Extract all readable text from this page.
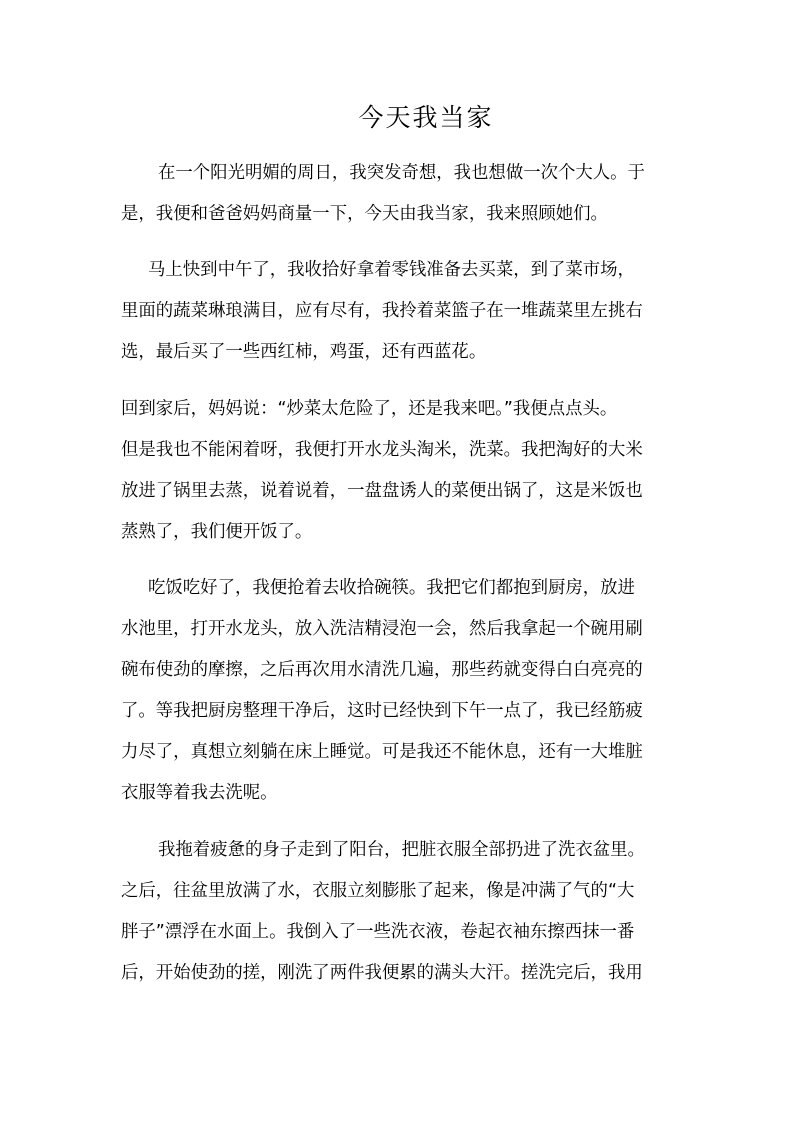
今天我当家
在一个阳光明媚的周日，我突发奇想，我也想做一次个大人。于
是，我便和爸爸妈妈商量一下，今天由我当家，我来照顾她们。
马上快到中午了，我收拾好拿着零钱准备去买菜，到了菜市场，
里面的蔬菜琳琅满目，应有尽有，我拎着菜篮子在一堆蔬菜里左挑右
选，最后买了一些西红柿，鸡蛋，还有西蓝花。
回到家后，妈妈说：“炒菜太危险了，还是我来吧。”我便点点头。
但是我也不能闲着呀，我便打开水龙头淘米，洗菜。我把淘好的大米
放进了锅里去蒸，说着说着，一盘盘诱人的菜便出锅了，这是米饭也
蒸熟了，我们便开饭了。
吃饭吃好了，我便抢着去收拾碗筷。我把它们都抱到厨房，放进
水池里，打开水龙头，放入洗洁精浸泡一会，然后我拿起一个碗用刷
碗布使劲的摩擦，之后再次用水清洗几遍，那些药就变得白白亮亮的
了。等我把厨房整理干净后，这时已经快到下午一点了，我已经筋疲
力尽了，真想立刻躺在床上睡觉。可是我还不能休息，还有一大堆脏
衣服等着我去洗呢。
我拖着疲惫的身子走到了阳台，把脏衣服全部扔进了洗衣盆里。
之后，往盆里放满了水，衣服立刻膨胀了起来，像是冲满了气的“大
胖子”漂浮在水面上。我倒入了一些洗衣液，卷起衣袖东擦西抹一番
后，开始使劲的搓，刚洗了两件我便累的满头大汗。搓洗完后，我用
